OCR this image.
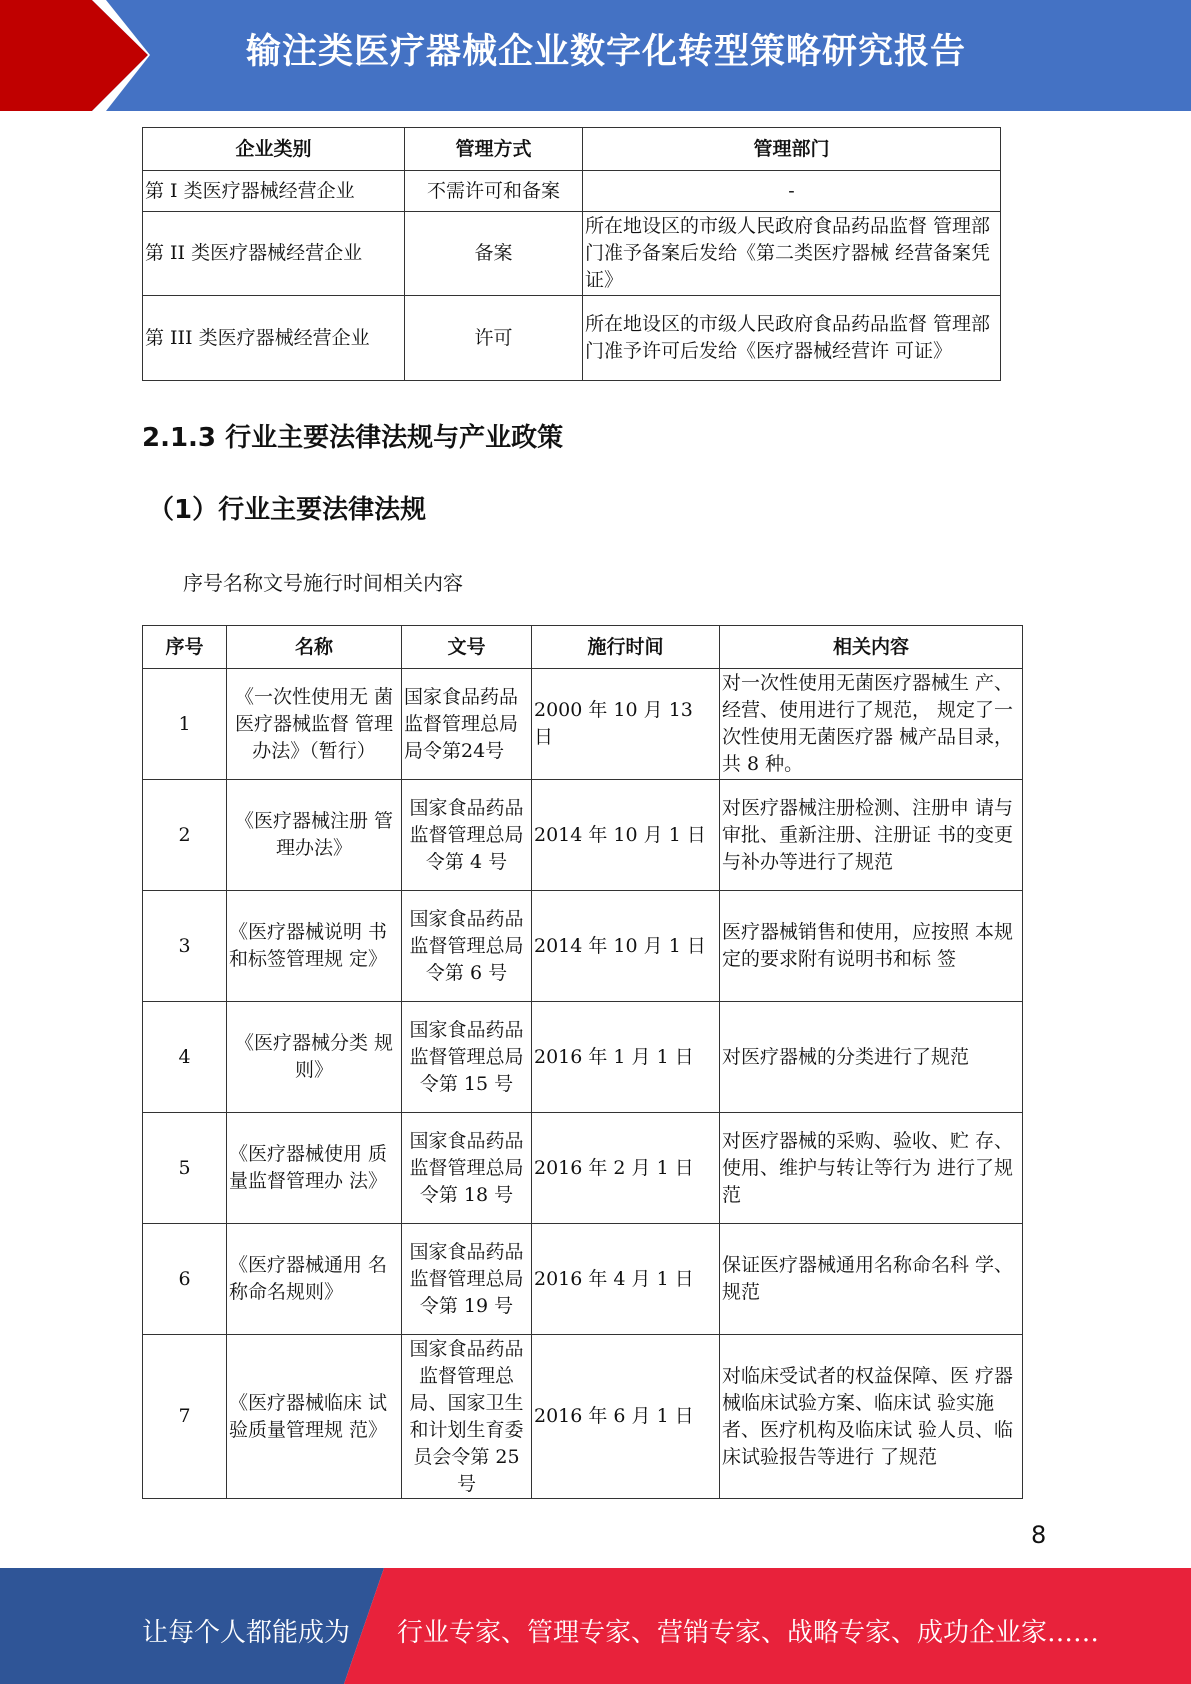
输注类医疗器械企业数字化转型策略研究报告
企业类别	管理方式	管理部门
第 I 类医疗器械经营企业	不需许可和备案	-
第 II 类医疗器械经营企业	备案	所在地设区的市级人民政府食品药品监督 管理部门准予备案后发给《第二类医疗器械 经营备案凭证》
第 III 类医疗器械经营企业	许可	所在地设区的市级人民政府食品药品监督 管理部门准予许可后发给《医疗器械经营许 可证》
2.1.3 行业主要法律法规与产业政策
（1）行业主要法律法规
序号名称文号施行时间相关内容
序号	名称	文号	施行时间	相关内容
1	《一次性使用无 菌医疗器械监督 管理办法》（暂行）	国家食品药品监督管理总局局令第24号	2000 年 10 月 13 日	对一次性使用无菌医疗器械生 产、经营、使用进行了规范， 规定了一次性使用无菌医疗器 械产品目录，共 8 种。
2	《医疗器械注册 管理办法》	国家食品药品监督管理总局令第 4 号	2014 年 10 月 1 日	对医疗器械注册检测、注册申 请与审批、重新注册、注册证 书的变更与补办等进行了规范
3	《医疗器械说明 书和标签管理规 定》	国家食品药品监督管理总局令第 6 号	2014 年 10 月 1 日	医疗器械销售和使用，应按照 本规定的要求附有说明书和标 签
4	《医疗器械分类 规则》	国家食品药品监督管理总局令第 15 号	2016 年 1 月 1 日	对医疗器械的分类进行了规范
5	《医疗器械使用 质量监督管理办 法》	国家食品药品监督管理总局令第 18 号	2016 年 2 月 1 日	对医疗器械的采购、验收、贮 存、使用、维护与转让等行为 进行了规范
6	《医疗器械通用 名称命名规则》	国家食品药品监督管理总局令第 19 号	2016 年 4 月 1 日	保证医疗器械通用名称命名科 学、规范
7	《医疗器械临床 试验质量管理规 范》	国家食品药品监督管理总局、国家卫生和计划生育委员会令第 25 号	2016 年 6 月 1 日	对临床受试者的权益保障、医 疗器械临床试验方案、临床试 验实施者、医疗机构及临床试 验人员、临床试验报告等进行 了规范
8
让每个人都能成为 行业专家、管理专家、营销专家、战略专家、成功企业家……
